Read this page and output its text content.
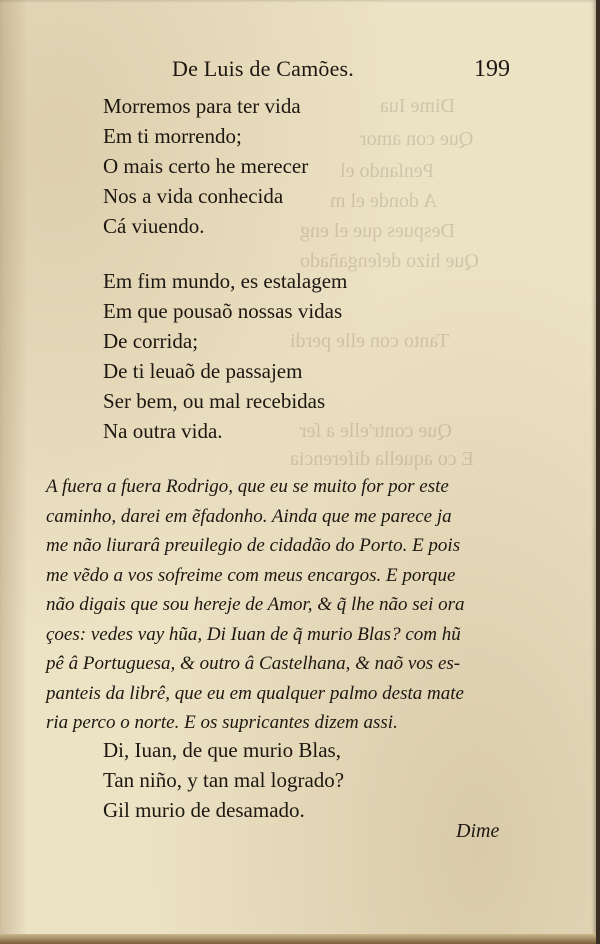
Dime Iua
Que con amor
Penſando el
A donde el m
Despues que el eng
Que hizo deſengañado
Tanto con elle perdi
Que contr'elle a ſer
E co aquella diferencia
De Luis de Camões.	199
Morremos para ter vida
Em ti morrendo;
O mais certo he merecer
Nos a vida conhecida
Cá viuendo.
Em fim mundo, es estalagem
Em que pousaõ nossas vidas
De corrida;
De ti leuaõ de passajem
Ser bem, ou mal recebidas
Na outra vida.
A fuera a fuera Rodrigo, que eu se muito for por este
caminho, darei em ẽfadonho. Ainda que me parece ja
me não liurarâ preuilegio de cidadão do Porto. E pois
me vẽdo a vos sofreime com meus encargos. E porque
não digais que sou hereje de Amor, & q̃ lhe não sei ora
çoes: vedes vay hũa, Di Iuan de q̃ murio Blas? com hũ
pê â Portuguesa, & outro â Castelhana, & naõ vos es-
panteis da librê, que eu em qualquer palmo desta mate
ria perco o norte. E os supricantes dizem assi.
Di, Iuan, de que murio Blas,
Tan niño, y tan mal logrado?
Gil murio de desamado.
Dime
